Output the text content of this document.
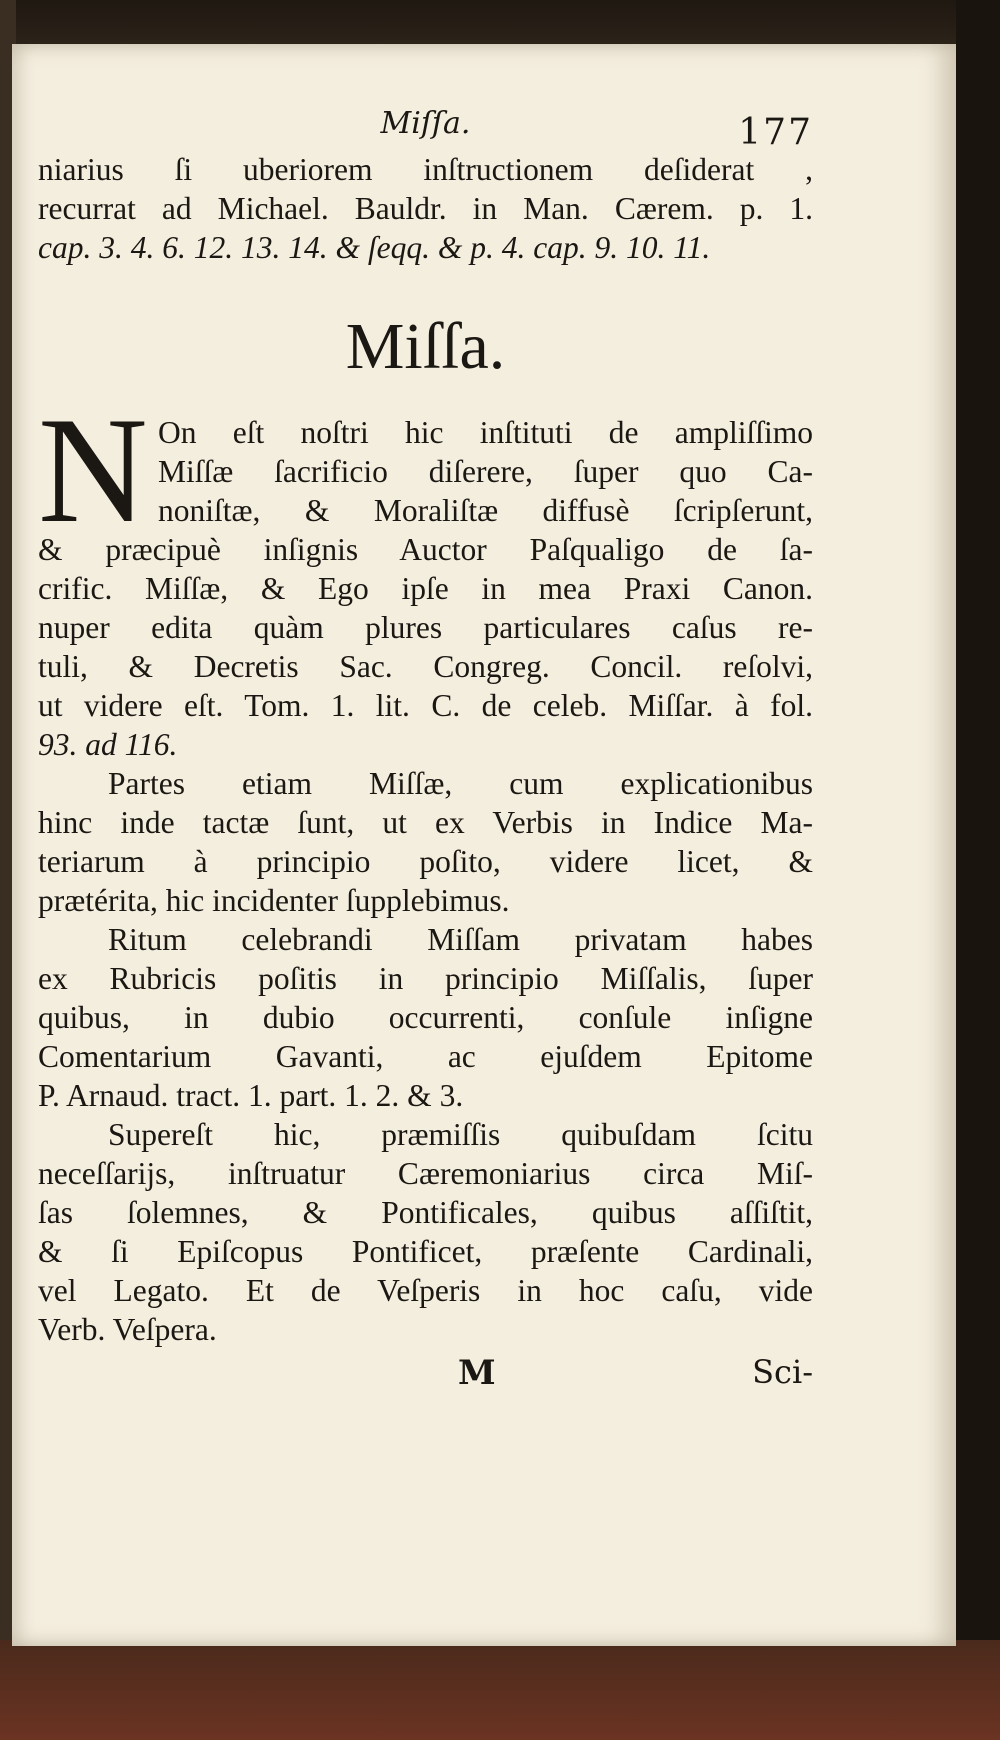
Miſſa.	177
niarius ſi uberiorem inſtructionem deſiderat ,
recurrat ad Michael. Bauldr. in Man. Cærem. p. 1.
cap. 3. 4. 6. 12. 13. 14. & ſeqq. & p. 4. cap. 9. 10. 11.
Miſſa.
N On eſt noſtri hic inſtituti de ampliſſimo
Miſſæ ſacrificio diſerere, ſuper quo Ca-
noniſtæ, & Moraliſtæ diffusè ſcripſerunt,
& præcipuè inſignis Auctor Paſqualigo de ſa-
crific. Miſſæ, & Ego ipſe in mea Praxi Canon.
nuper edita quàm plures particulares caſus re-
tuli, & Decretis Sac. Congreg. Concil. reſolvi,
ut videre eſt. Tom. 1. lit. C. de celeb. Miſſar. à fol.
93. ad 116.
Partes etiam Miſſæ, cum explicationibus
hinc inde tactæ ſunt, ut ex Verbis in Indice Ma-
teriarum à principio poſito, videre licet, &
prætérita, hic incidenter ſupplebimus.
Ritum celebrandi Miſſam privatam habes
ex Rubricis poſitis in principio Miſſalis, ſuper
quibus, in dubio occurrenti, conſule inſigne
Comentarium Gavanti, ac ejuſdem Epitome
P. Arnaud. tract. 1. part. 1. 2. & 3.
Supereſt hic, præmiſſis quibuſdam ſcitu
neceſſarijs, inſtruatur Cæremoniarius circa Miſ-
ſas ſolemnes, & Pontificales, quibus aſſiſtit,
& ſi Epiſcopus Pontificet, præſente Cardinali,
vel Legato. Et de Veſperis in hoc caſu, vide
Verb. Veſpera.
M	Sci-
